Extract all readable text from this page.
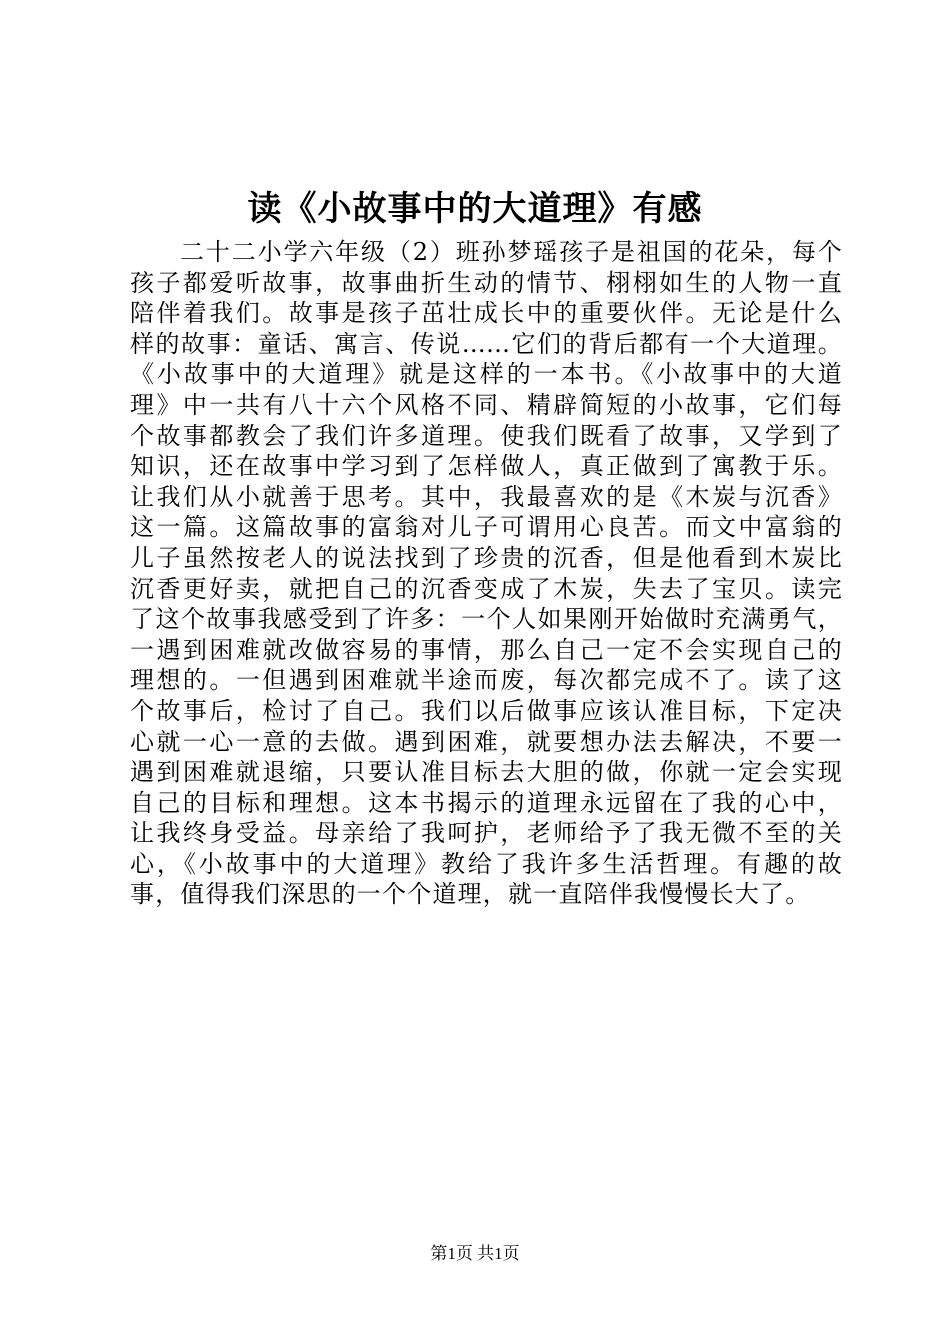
读《小故事中的大道理》有感
二十二小学六年级（2）班孙梦瑶孩子是祖国的花朵，每个
孩子都爱听故事，故事曲折生动的情节、栩栩如生的人物一直
陪伴着我们。故事是孩子茁壮成长中的重要伙伴。无论是什么
样的故事：童话、寓言、传说……它们的背后都有一个大道理。
《小故事中的大道理》就是这样的一本书。《小故事中的大道
理》中一共有八十六个风格不同、精辟简短的小故事，它们每
个故事都教会了我们许多道理。使我们既看了故事，又学到了
知识，还在故事中学习到了怎样做人，真正做到了寓教于乐。
让我们从小就善于思考。其中，我最喜欢的是《木炭与沉香》
这一篇。这篇故事的富翁对儿子可谓用心良苦。而文中富翁的
儿子虽然按老人的说法找到了珍贵的沉香，但是他看到木炭比
沉香更好卖，就把自己的沉香变成了木炭，失去了宝贝。读完
了这个故事我感受到了许多：一个人如果刚开始做时充满勇气，
一遇到困难就改做容易的事情，那么自己一定不会实现自己的
理想的。一但遇到困难就半途而废，每次都完成不了。读了这
个故事后，检讨了自己。我们以后做事应该认准目标，下定决
心就一心一意的去做。遇到困难，就要想办法去解决，不要一
遇到困难就退缩，只要认准目标去大胆的做，你就一定会实现
自己的目标和理想。这本书揭示的道理永远留在了我的心中，
让我终身受益。母亲给了我呵护，老师给予了我无微不至的关
心，《小故事中的大道理》教给了我许多生活哲理。有趣的故
事，值得我们深思的一个个道理，就一直陪伴我慢慢长大了。
第1页 共1页
